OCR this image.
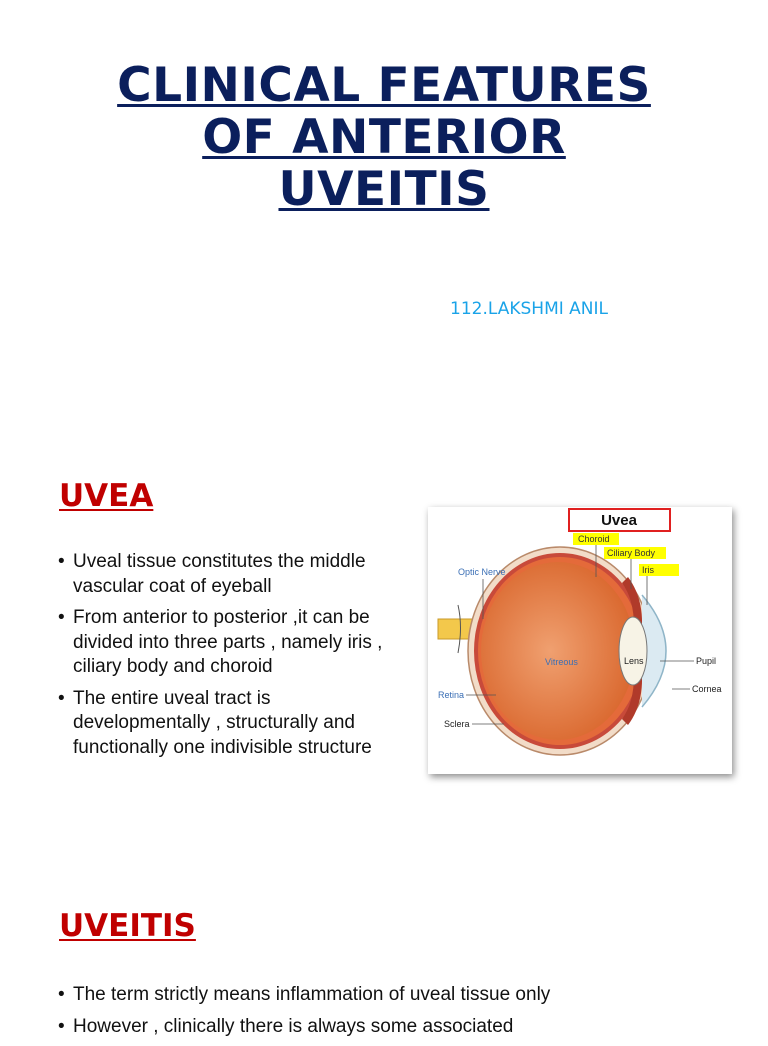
CLINICAL FEATURES
OF ANTERIOR
UVEITIS
112.LAKSHMI ANIL
UVEA
• Uveal tissue constitutes the middle vascular coat of eyeball
• From anterior to posterior ,it can be divided into three parts , namely iris , ciliary body and choroid
• The entire uveal tract is developmentally , structurally and functionally one indivisible structure
Uvea
Choroid
Ciliary Body
Iris
Optic Nerve
Vitreous	Lens	Pupil
Cornea
Retina
Sclera
UVEITIS
• The term strictly means inflammation of uveal tissue only
• However , clinically there is always some associated
